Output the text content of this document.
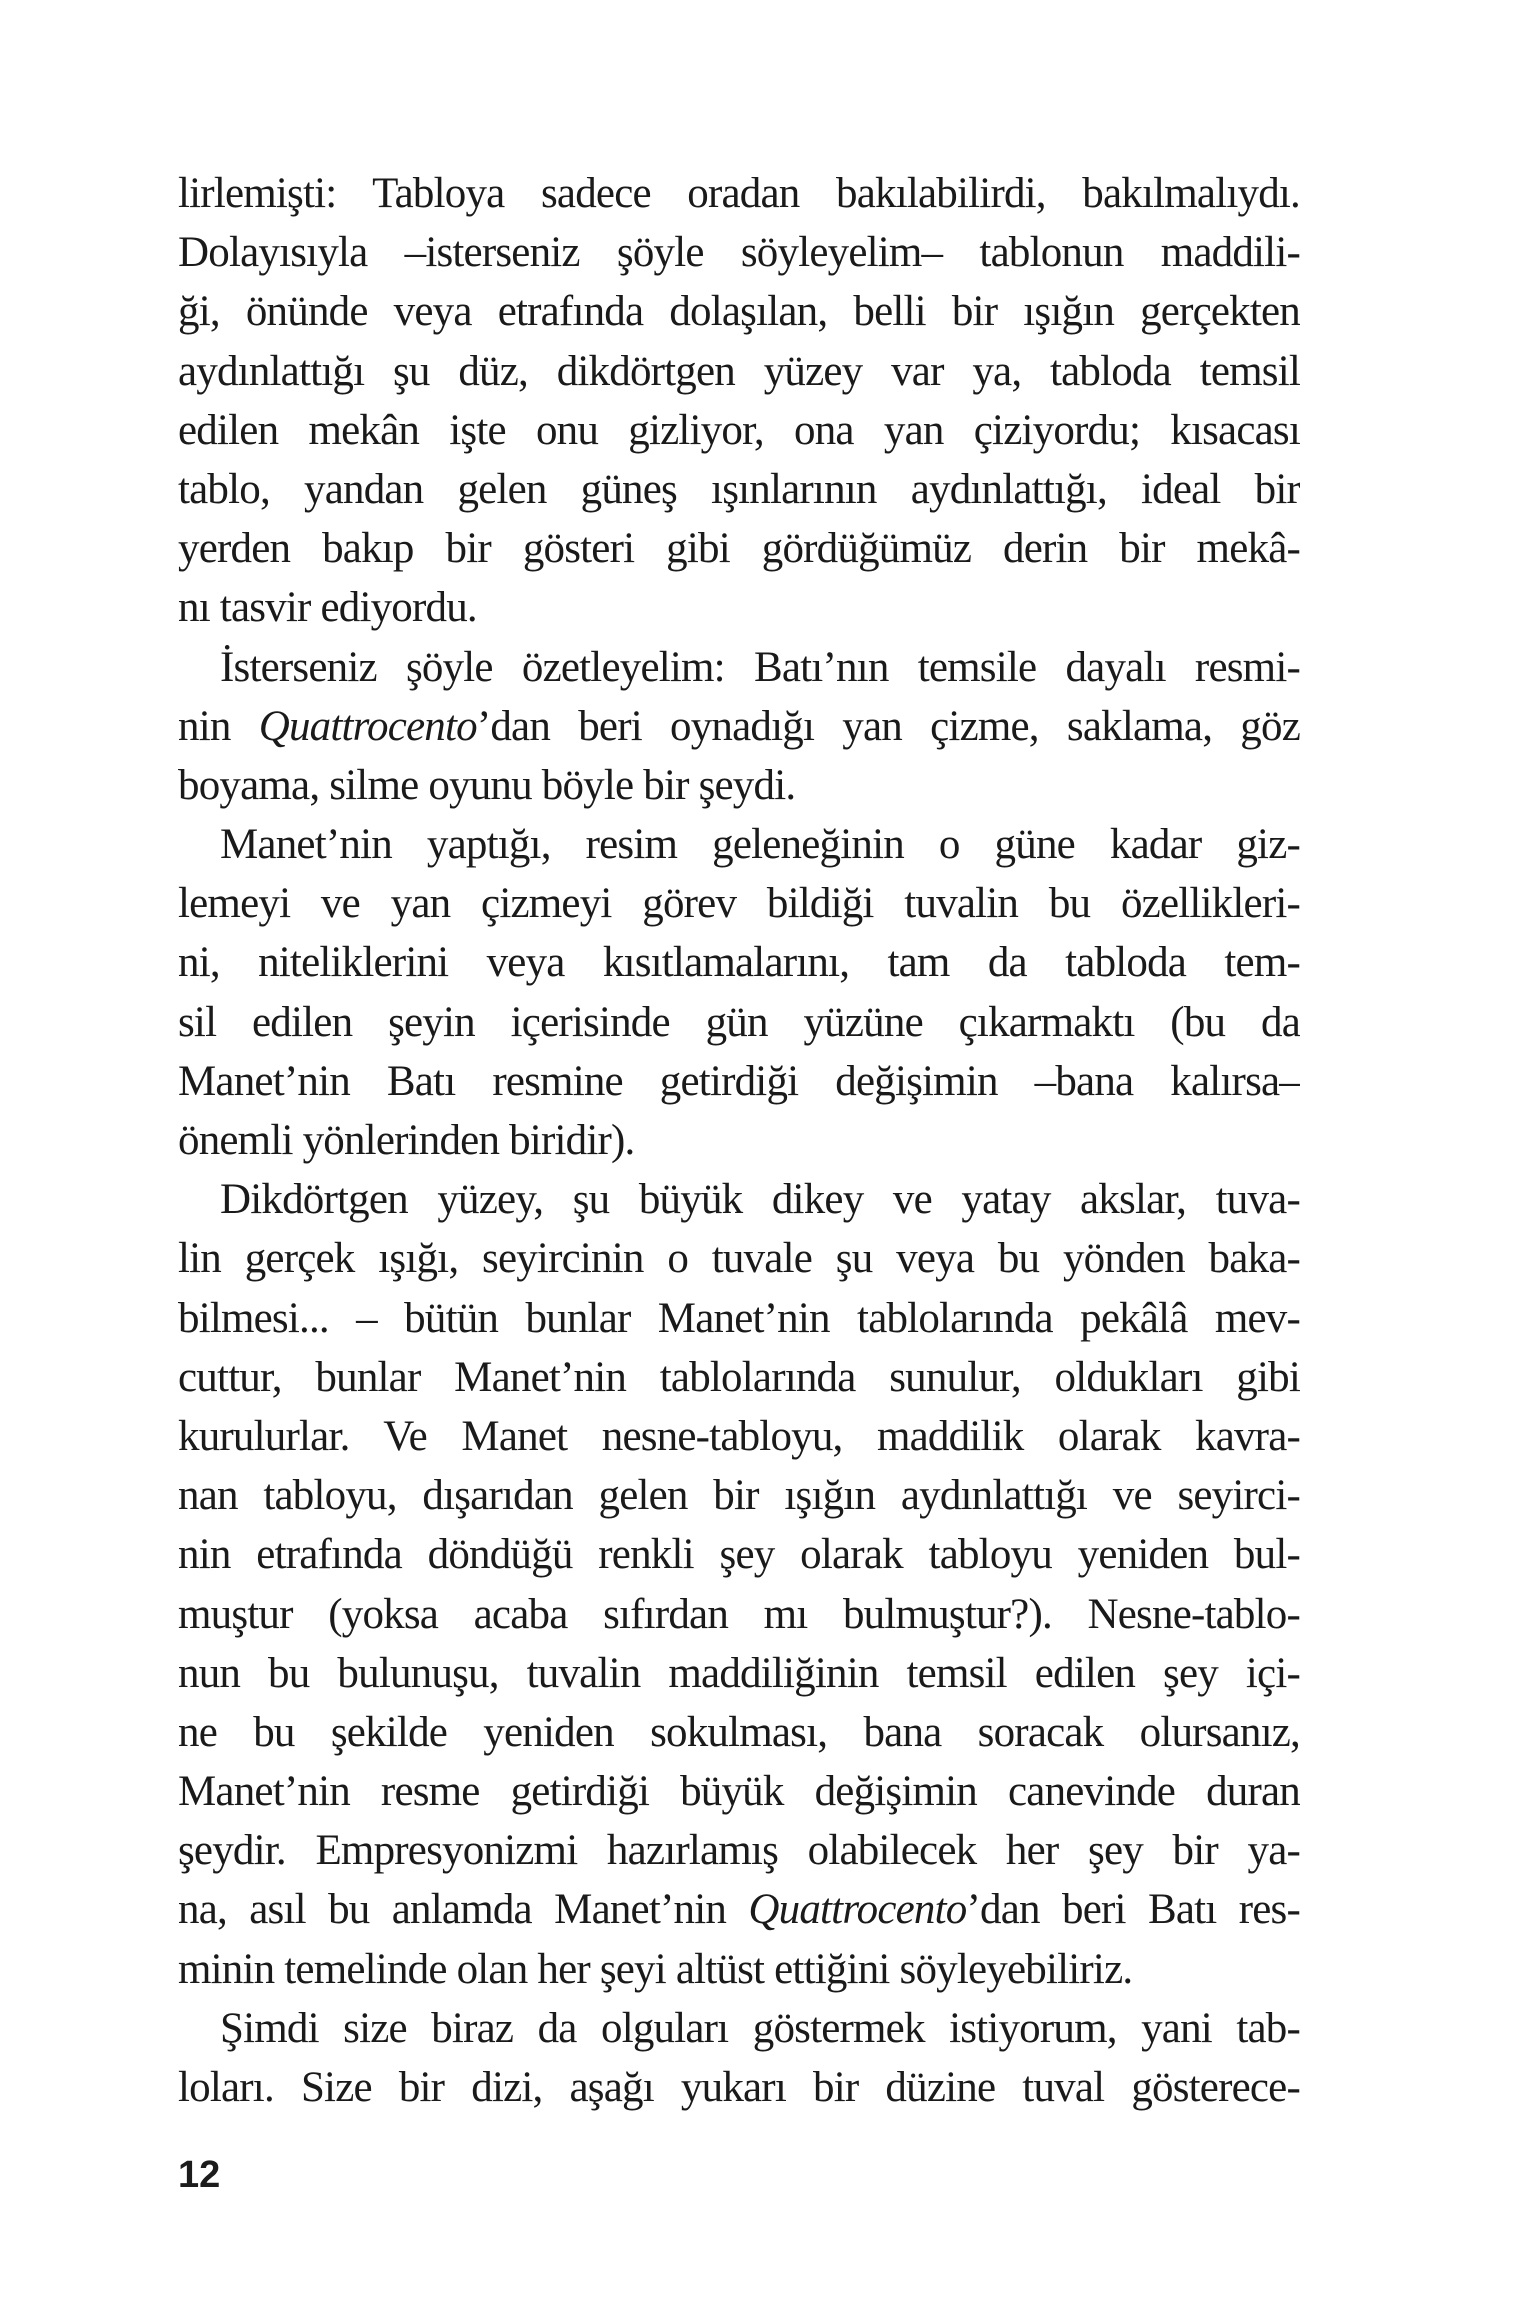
lirlemişti: Tabloya sadece oradan bakılabilirdi, bakılmalıydı.
Dolayısıyla –isterseniz şöyle söyleyelim– tablonun maddili-
ği, önünde veya etrafında dolaşılan, belli bir ışığın gerçekten
aydınlattığı şu düz, dikdörtgen yüzey var ya, tabloda temsil
edilen mekân işte onu gizliyor, ona yan çiziyordu; kısacası
tablo, yandan gelen güneş ışınlarının aydınlattığı, ideal bir
yerden bakıp bir gösteri gibi gördüğümüz derin bir mekâ-
nı tasvir ediyordu.
İsterseniz şöyle özetleyelim: Batı’nın temsile dayalı resmi-
nin Quattrocento’dan beri oynadığı yan çizme, saklama, göz
boyama, silme oyunu böyle bir şeydi.
Manet’nin yaptığı, resim geleneğinin o güne kadar giz-
lemeyi ve yan çizmeyi görev bildiği tuvalin bu özellikleri-
ni, niteliklerini veya kısıtlamalarını, tam da tabloda tem-
sil edilen şeyin içerisinde gün yüzüne çıkarmaktı (bu da
Manet’nin Batı resmine getirdiği değişimin –bana kalırsa–
önemli yönlerinden biridir).
Dikdörtgen yüzey, şu büyük dikey ve yatay akslar, tuva-
lin gerçek ışığı, seyircinin o tuvale şu veya bu yönden baka-
bilmesi... – bütün bunlar Manet’nin tablolarında pekâlâ mev-
cuttur, bunlar Manet’nin tablolarında sunulur, oldukları gibi
kurulurlar. Ve Manet nesne-tabloyu, maddilik olarak kavra-
nan tabloyu, dışarıdan gelen bir ışığın aydınlattığı ve seyirci-
nin etrafında döndüğü renkli şey olarak tabloyu yeniden bul-
muştur (yoksa acaba sıfırdan mı bulmuştur?). Nesne-tablo-
nun bu bulunuşu, tuvalin maddiliğinin temsil edilen şey içi-
ne bu şekilde yeniden sokulması, bana soracak olursanız,
Manet’nin resme getirdiği büyük değişimin canevinde duran
şeydir. Empresyonizmi hazırlamış olabilecek her şey bir ya-
na, asıl bu anlamda Manet’nin Quattrocento’dan beri Batı res-
minin temelinde olan her şeyi altüst ettiğini söyleyebiliriz.
Şimdi size biraz da olguları göstermek istiyorum, yani tab-
loları. Size bir dizi, aşağı yukarı bir düzine tuval gösterece-
12
